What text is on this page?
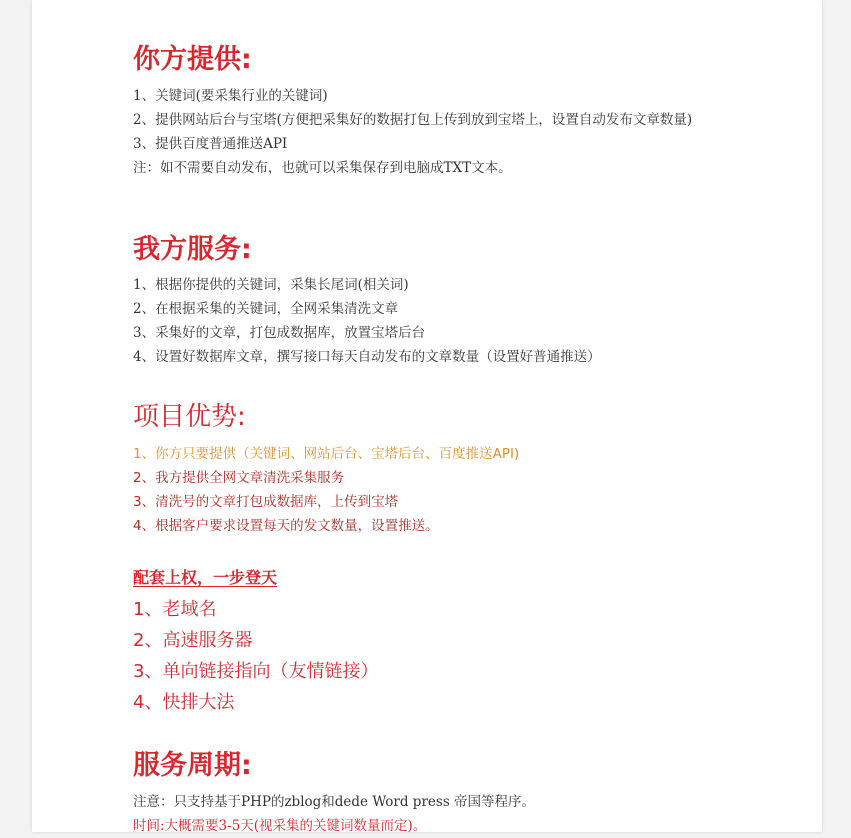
你方提供:
1、关键词(要采集行业的关键词)
2、提供网站后台与宝塔(方便把采集好的数据打包上传到放到宝塔上，设置自动发布文章数量)
3、提供百度普通推送API
注：如不需要自动发布，也就可以采集保存到电脑成TXT文本。
我方服务:
1、根据你提供的关键词，采集长尾词(相关词)
2、在根据采集的关键词，全网采集清洗文章
3、采集好的文章，打包成数据库，放置宝塔后台
4、设置好数据库文章，撰写接口每天自动发布的文章数量（设置好普通推送）
项目优势:
1、你方只要提供（关键词、网站后台、宝塔后台、百度推送API)
2、我方提供全网文章清洗采集服务
3、清洗号的文章打包成数据库，上传到宝塔
4、根据客户要求设置每天的发文数量，设置推送。
配套上权，一步登天
1、老域名
2、高速服务器
3、单向链接指向（友情链接）
4、快排大法
服务周期:
注意：只支持基于PHP的zblog和dede Word press 帝国等程序。
时间:大概需要3-5天(视采集的关键词数量而定)。
